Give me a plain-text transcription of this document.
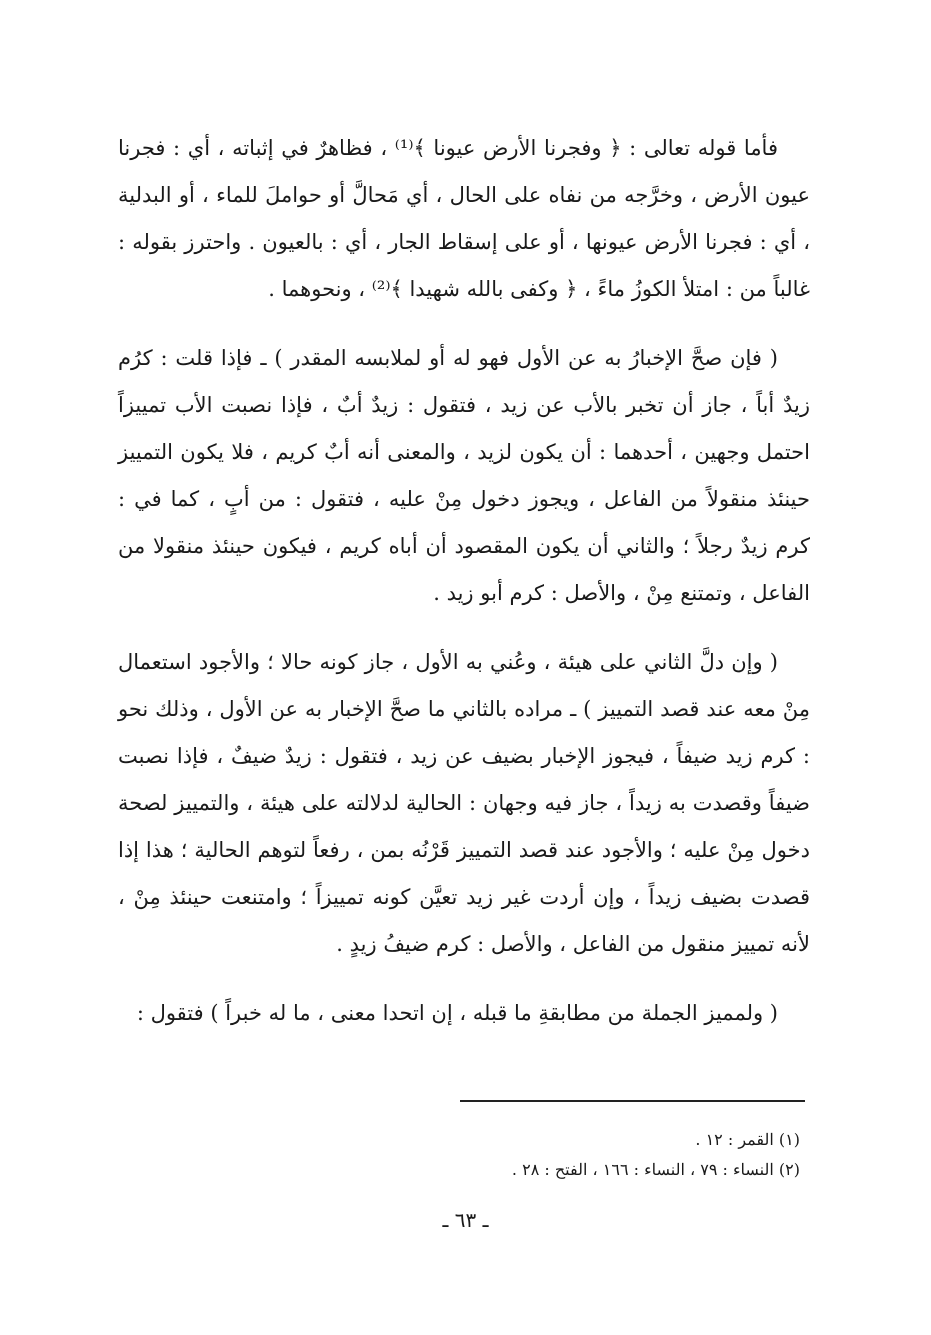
فأما قوله تعالى : ﴿ وفجرنا الأرض عيونا ﴾⁽¹⁾ ، فظاهرٌ في إثباته ، أي : فجرنا عيون الأرض ، وخرَّجه من نفاه على الحال ، أي مَحالَّ أو حواملَ للماء ، أو البدلية ، أي : فجرنا الأرض عيونها ، أو على إسقاط الجار ، أي : بالعيون . واحترز بقوله : غالباً من : امتلأ الكوزُ ماءً ، ﴿ وكفى بالله شهيدا ﴾⁽²⁾ ، ونحوهما .

( فإن صحَّ الإخبارُ به عن الأول فهو له أو لملابسه المقدر ) ـ فإذا قلت : كرُم زيدٌ أباً ، جاز أن تخبر بالأب عن زيد ، فتقول : زيدٌ أبٌ ، فإذا نصبت الأب تمييزاً احتمل وجهين ، أحدهما : أن يكون لزيد ، والمعنى أنه أبٌ كريم ، فلا يكون التمييز حينئذ منقولاً من الفاعل ، ويجوز دخول مِنْ عليه ، فتقول : من أبٍ ، كما في : كرم زيدٌ رجلاً ؛ والثاني أن يكون المقصود أن أباه كريم ، فيكون حينئذ منقولا من الفاعل ، وتمتنع مِنْ ، والأصل : كرم أبو زيد .

( وإن دلَّ الثاني على هيئة ، وعُني به الأول ، جاز كونه حالا ؛ والأجود استعمال مِنْ معه عند قصد التمييز ) ـ مراده بالثاني ما صحَّ الإخبار به عن الأول ، وذلك نحو : كرم زيد ضيفاً ، فيجوز الإخبار بضيف عن زيد ، فتقول : زيدٌ ضيفٌ ، فإذا نصبت ضيفاً وقصدت به زيداً ، جاز فيه وجهان : الحالية لدلالته على هيئة ، والتمييز لصحة دخول مِنْ عليه ؛ والأجود عند قصد التمييز قَرْنُه بمن ، رفعاً لتوهم الحالية ؛ هذا إذا قصدت بضيف زيداً ، وإن أردت غير زيد تعيَّن كونه تمييزاً ؛ وامتنعت حينئذ مِنْ ، لأنه تمييز منقول من الفاعل ، والأصل : كرم ضيفُ زيدٍ .

( ولمميز الجملة من مطابقةِ ما قبله ، إن اتحدا معنى ، ما له خبراً ) فتقول :

(١) القمر : ١٢ .
(٢) النساء : ٧٩ ، النساء : ١٦٦ ، الفتح : ٢٨ .
ـ ٦٣ ـ
